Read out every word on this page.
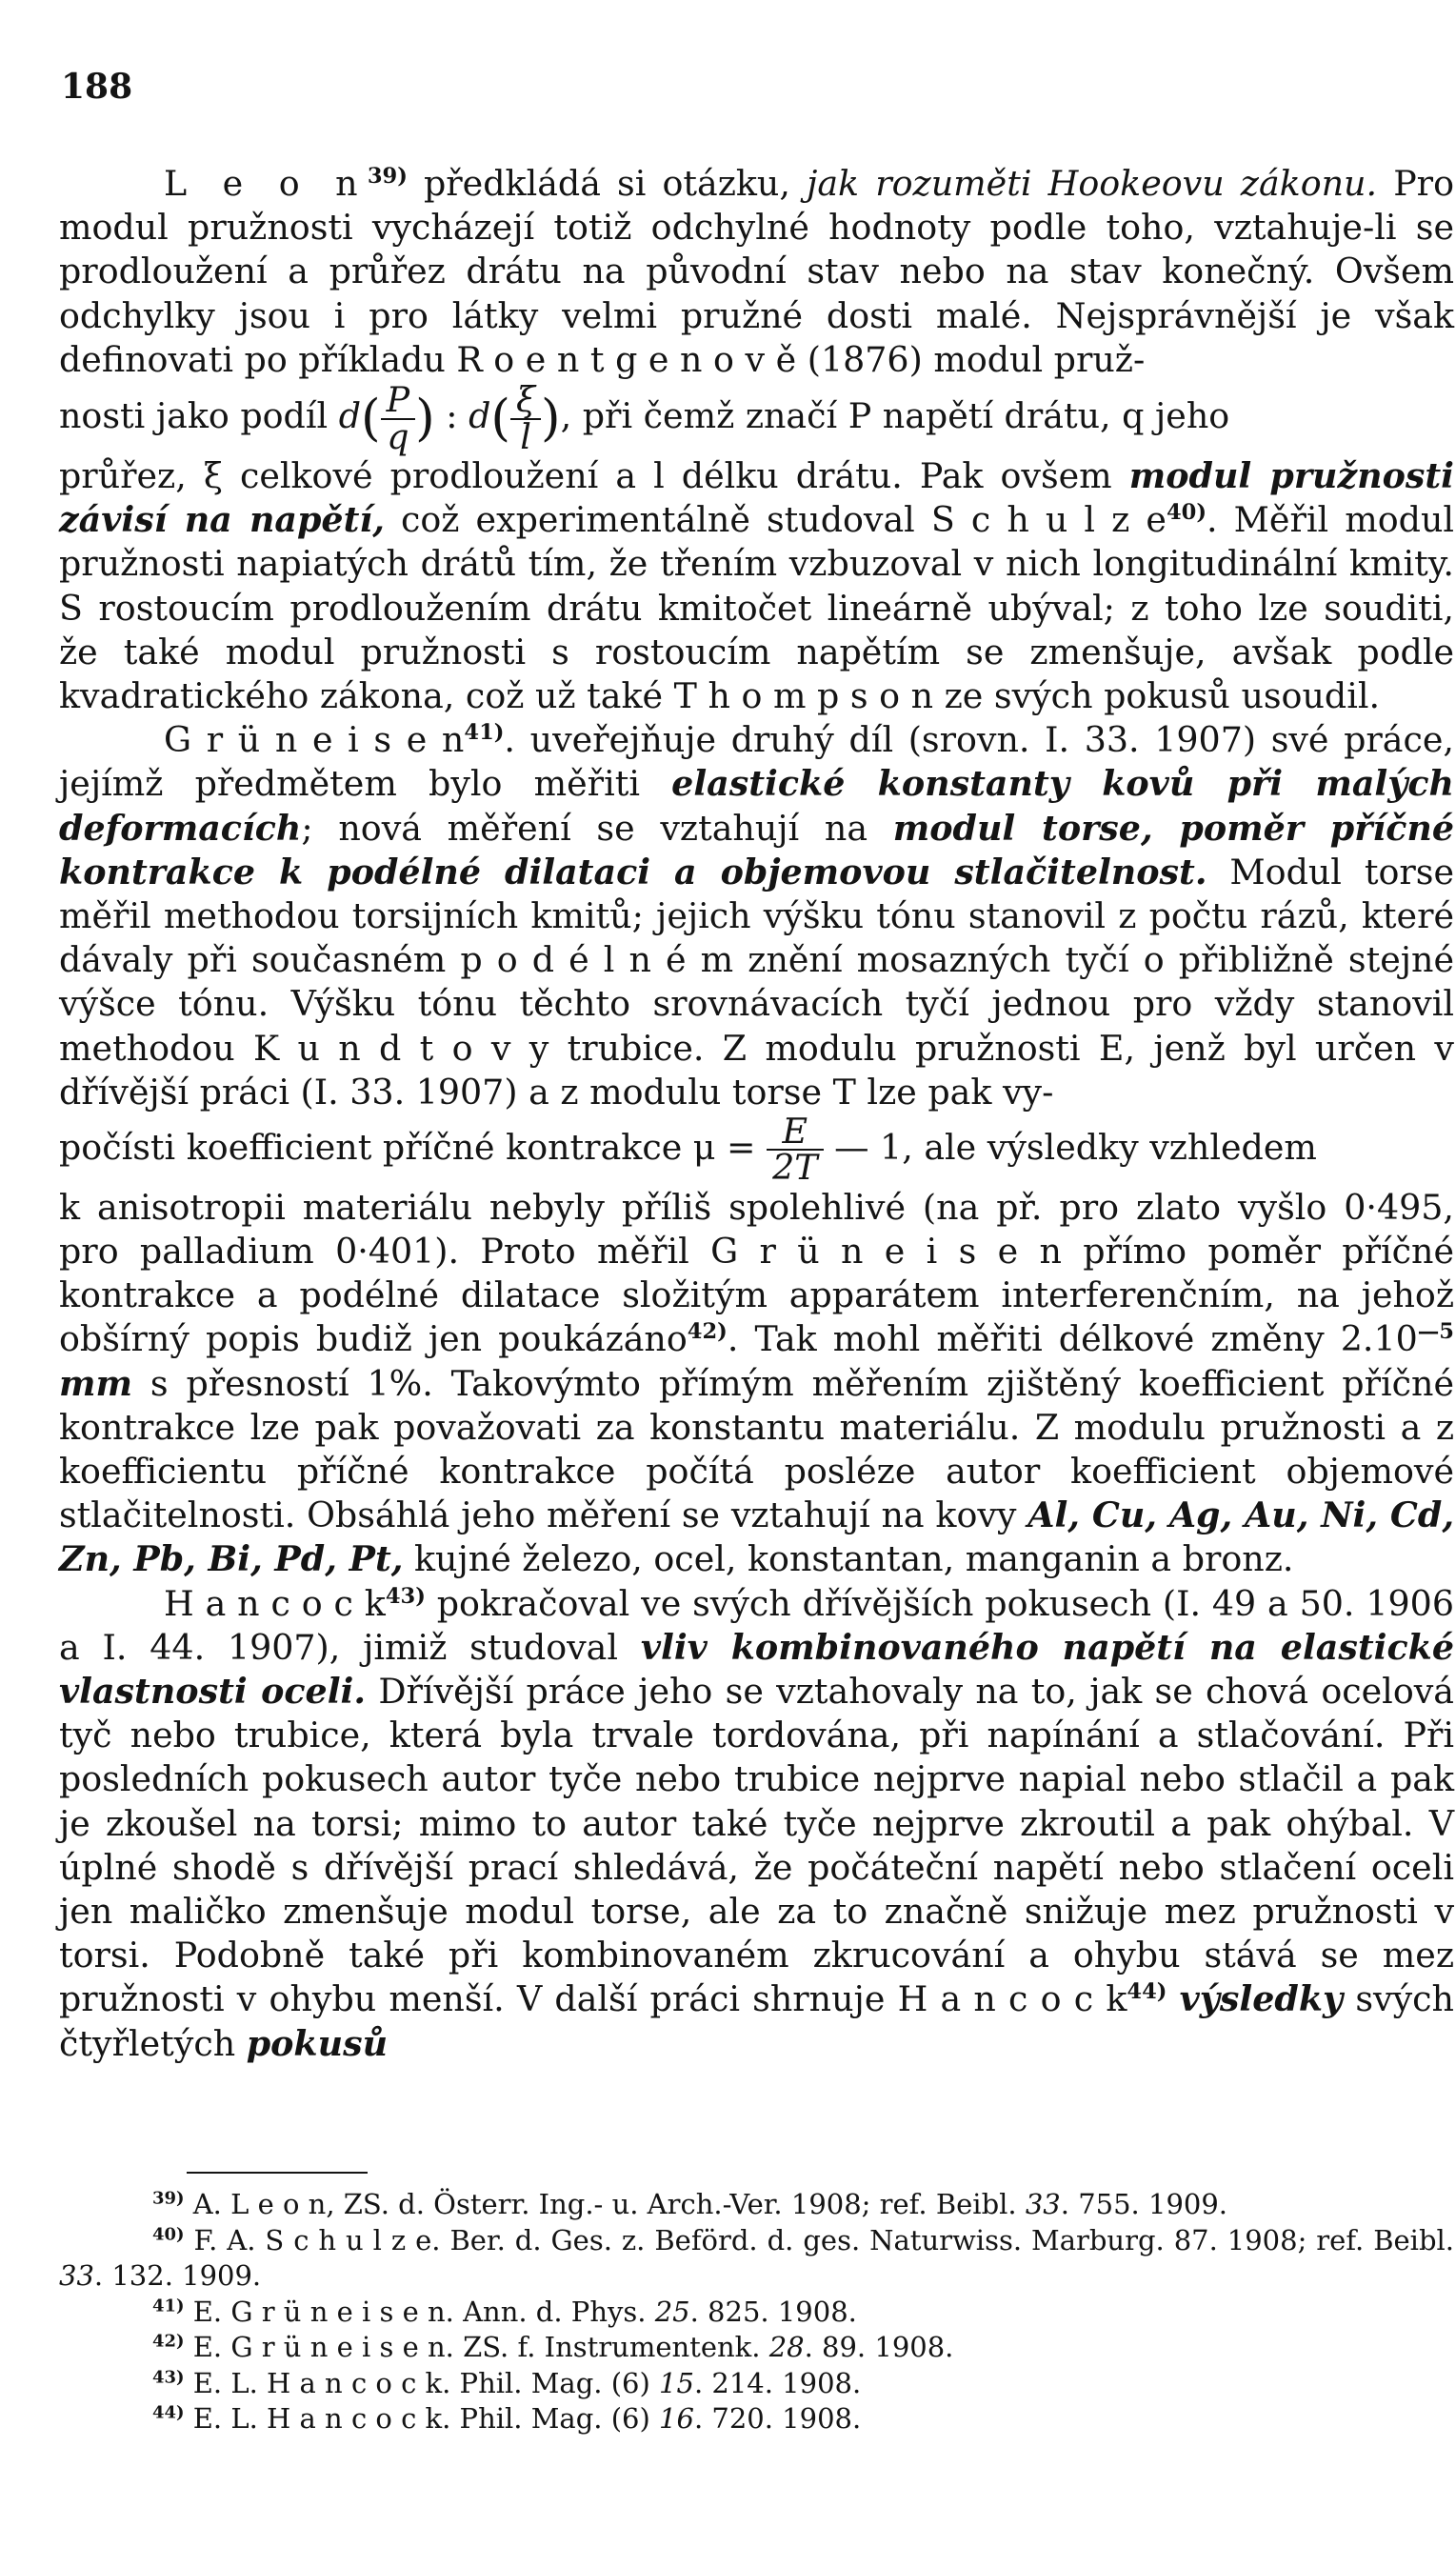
188

L e o $n^{39)}$ předkládá si otázku, jak rozuměti Hookeovu zákonu. Pro modul pružnosti vycházejí totiž odchylné hodnoty podle toho, vztahuje-li se prodloužení a průřez drátu na původní stav nebo na stav konečný. Ovšem odchylky jsou i pro látky velmi pružné dosti malé. Nejsprávnější je však definovati po příkladu R o e n t g e n o v ě (1876) modul pruž-

nosti jako podíl $d( \frac{P}{q}$ ) : $d( \frac{\xi}{l}$ ), při čemž značí P napětí drátu, q jeho

průřez, ξ celkové prodloužení a l délku drátu. Pak ovšem modul pružnosti závisí na napětí, což experimentálně studoval S c h u l z $e^{40)}$. Měřil modul pružnosti napiatých drátů tím, že třením vzbuzoval v nich longitudinální kmity. S rostoucím prodloužením drátu kmitočet lineárně ubýval; z toho lze souditi, že také modul pružnosti s rostoucím napětím se zmenšuje, avšak podle kvadratického zákona, což už také T h o m p s o n ze svých pokusů usoudil.

G r ü n e i s e $n^{41)}$. uveřejňuje druhý díl (srovn. I. 33. 1907) své práce, jejímž předmětem bylo měřiti elastické konstanty kovů při malých deformacích; nová měření se vztahují na modul torse, poměr příčné kontrakce k podélné dilataci a objemovou stlačitelnost. Modul torse měřil methodou torsijních kmitů; jejich výšku tónu stanovil z počtu rázů, které dávaly při současném p o d é l n é m znění mosazných tyčí o přibližně stejné výšce tónu. Výšku tónu těchto srovnávacích tyčí jednou pro vždy stanovil methodou K u n d t o v y trubice. Z modulu pružnosti E, jenž byl určen v dřívější práci (I. 33. 1907) a z modulu torse T lze pak vy-

počísti koefficient příčné kontrakce $\mu = \frac{E}{2T}$ — 1, ale výsledky vzhledem

k anisotropii materiálu nebyly příliš spolehlivé (na př. pro zlato vyšlo 0·495, pro palladium 0·401). Proto měřil G r ü n e i s e n přímo poměr příčné kontrakce a podélné dilatace složitým apparátem interferenčním, na jehož obšírný popis budiž jen poukázáno$^{42)}$. Tak mohl měřiti délkové změny $2.10^{—5}$ mm s přesností 1%. Takovýmto přímým měřením zjištěný koefficient příčné kontrakce lze pak považovati za konstantu materiálu. Z modulu pružnosti a z koefficientu příčné kontrakce počítá posléze autor koefficient objemové stlačitelnosti. Obsáhlá jeho měření se vztahují na kovy Al, Cu, Ag, Au, Ni, Cd, Zn, Pb, Bi, Pd, Pt, kujné železo, ocel, konstantan, manganin a bronz.

H a n c o c $k^{43)}$ pokračoval ve svých dřívějších pokusech (I. 49 a 50. 1906 a I. 44. 1907), jimiž studoval vliv kombinovaného napětí na elastické vlastnosti oceli. Dřívější práce jeho se vztahovaly na to, jak se chová ocelová tyč nebo trubice, která byla trvale tordována, při napínání a stlačování. Při posledních pokusech autor tyče nebo trubice nejprve napial nebo stlačil a pak je zkoušel na torsi; mimo to autor také tyče nejprve zkroutil a pak ohýbal. V úplné shodě s dřívější prací shledává, že počáteční napětí nebo stlačení oceli jen maličko zmenšuje modul torse, ale za to značně snižuje mez pružnosti v torsi. Podobně také při kombinovaném zkrucování a ohybu stává se mez pružnosti v ohybu menší. V další práci shrnuje H a n c o c $k^{44)}$ výsledky svých čtyřletých pokusů

$^{39)}$ A. L e o n, ZS. d. Österr. Ing.- u. Arch.-Ver. 1908; ref. Beibl. 33. 755. 1909.

$^{40)}$ F. A. S c h u l z e. Ber. d. Ges. z. Beförd. d. ges. Naturwiss. Marburg. 87. 1908; ref. Beibl. 33. 132. 1909.

$^{41)}$ E. G r ü n e i s e n. Ann. d. Phys. 25. 825. 1908.

$^{42)}$ E. G r ü n e i s e n. ZS. f. Instrumentenk. 28. 89. 1908.

$^{43)}$ E. L. H a n c o c k. Phil. Mag. (6) 15. 214. 1908.

$^{44)}$ E. L. H a n c o c k. Phil. Mag. (6) 16. 720. 1908.
